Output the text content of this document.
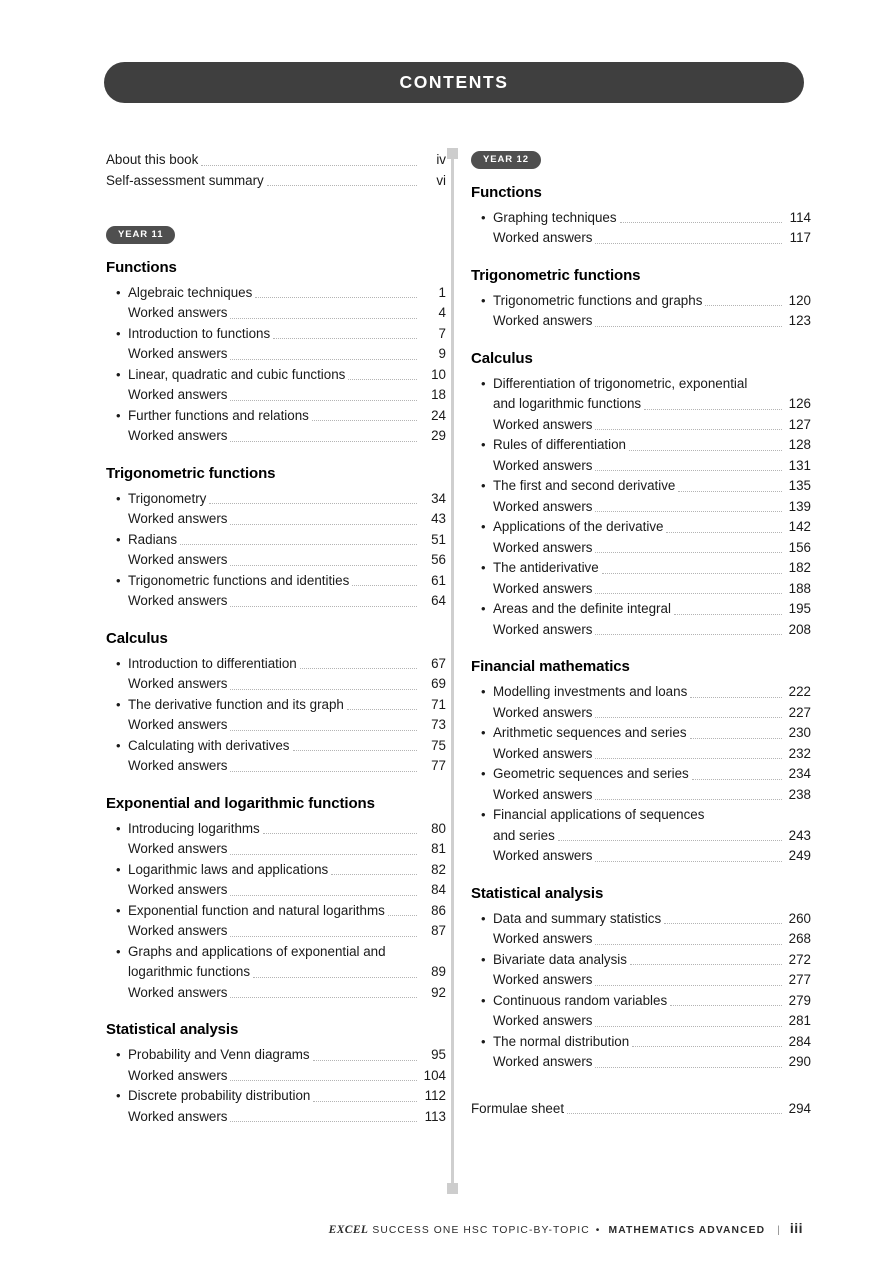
CONTENTS
About this book	iv
Self-assessment summary	vi
YEAR 11
Functions
• Algebraic techniques	1
Worked answers	4
• Introduction to functions	7
Worked answers	9
• Linear, quadratic and cubic functions	10
Worked answers	18
• Further functions and relations	24
Worked answers	29
Trigonometric functions
• Trigonometry	34
Worked answers	43
• Radians	51
Worked answers	56
• Trigonometric functions and identities	61
Worked answers	64
Calculus
• Introduction to differentiation	67
Worked answers	69
• The derivative function and its graph	71
Worked answers	73
• Calculating with derivatives	75
Worked answers	77
Exponential and logarithmic functions
• Introducing logarithms	80
Worked answers	81
• Logarithmic laws and applications	82
Worked answers	84
• Exponential function and natural logarithms	86
Worked answers	87
• Graphs and applications of exponential and
logarithmic functions	89
Worked answers	92
Statistical analysis
• Probability and Venn diagrams	95
Worked answers	104
• Discrete probability distribution	112
Worked answers	113
YEAR 12
Functions
• Graphing techniques	114
Worked answers	117
Trigonometric functions
• Trigonometric functions and graphs	120
Worked answers	123
Calculus
• Differentiation of trigonometric, exponential
and logarithmic functions	126
Worked answers	127
• Rules of differentiation	128
Worked answers	131
• The first and second derivative	135
Worked answers	139
• Applications of the derivative	142
Worked answers	156
• The antiderivative	182
Worked answers	188
• Areas and the definite integral	195
Worked answers	208
Financial mathematics
• Modelling investments and loans	222
Worked answers	227
• Arithmetic sequences and series	230
Worked answers	232
• Geometric sequences and series	234
Worked answers	238
• Financial applications of sequences
and series	243
Worked answers	249
Statistical analysis
• Data and summary statistics	260
Worked answers	268
• Bivariate data analysis	272
Worked answers	277
• Continuous random variables	279
Worked answers	281
• The normal distribution	284
Worked answers	290
Formulae sheet	294
EXCEL SUCCESS ONE HSC TOPIC-BY-TOPIC • MATHEMATICS ADVANCED | iii
